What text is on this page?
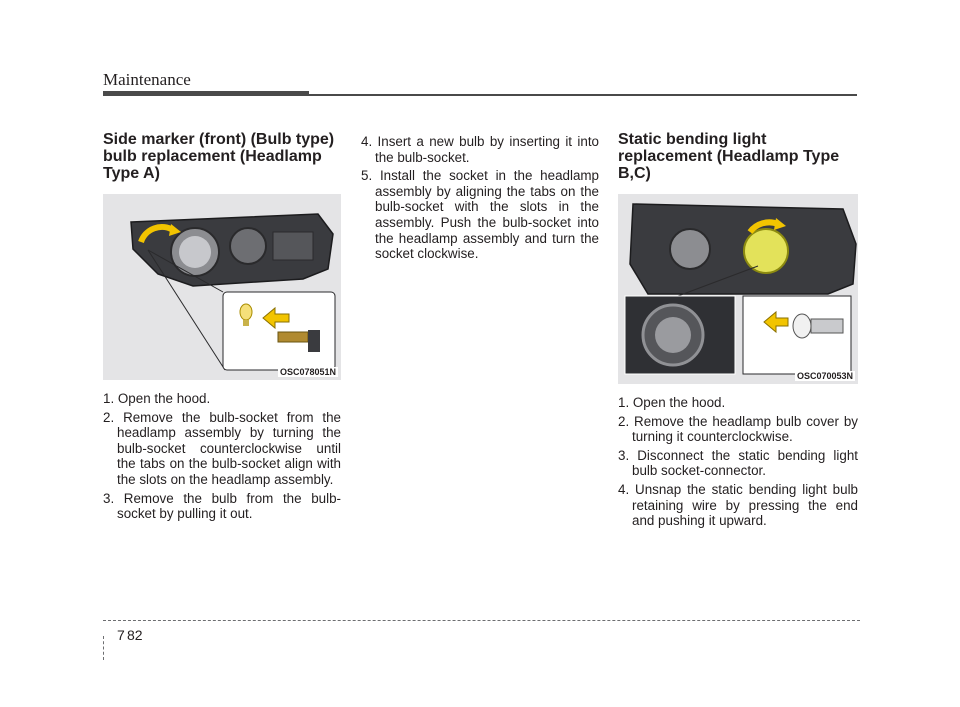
Maintenance
Side marker (front) (Bulb type) bulb replacement (Headlamp Type A)
OSC078051N
1. Open the hood.
2. Remove the bulb-socket from the headlamp assembly by turning the bulb-socket counterclockwise until the tabs on the bulb-socket align with the slots on the headlamp assembly.
3. Remove the bulb from the bulb-socket by pulling it out.
4. Insert a new bulb by inserting it into the bulb-socket.
5. Install the socket in the headlamp assembly by aligning the tabs on the bulb-socket with the slots in the assembly. Push the bulb-socket into the headlamp assembly and turn the socket clockwise.
Static bending light replacement (Headlamp Type B,C)
OSC070053N
1. Open the hood.
2. Remove the headlamp bulb cover by turning it counterclockwise.
3. Disconnect the static bending light bulb socket-connector.
4. Unsnap the static bending light bulb retaining wire by pressing the end and pushing it upward.
7 82
